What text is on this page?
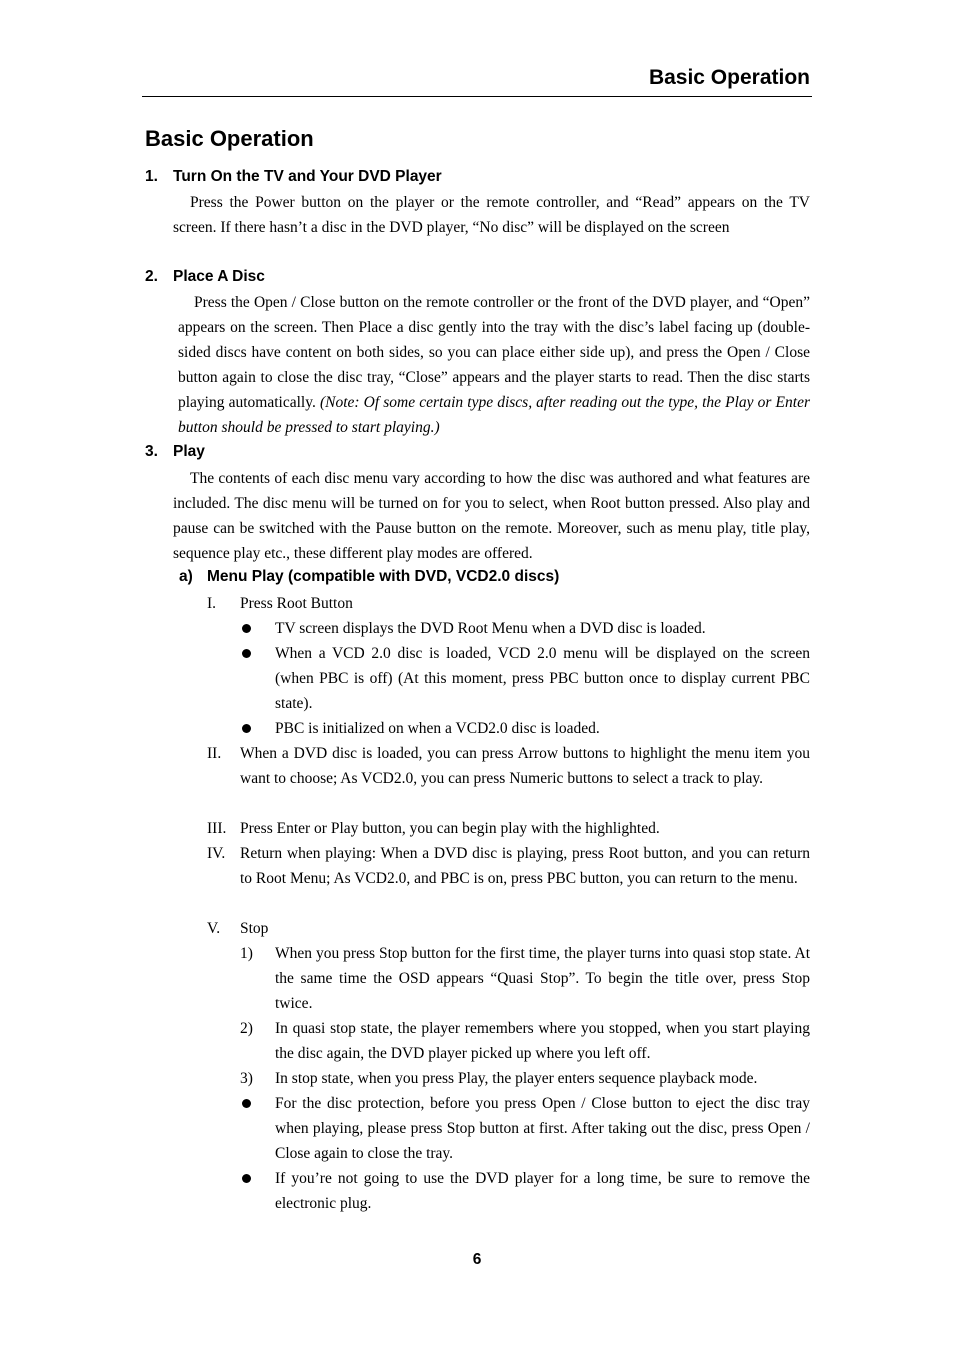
Basic Operation
Basic Operation
1. Turn On the TV and Your DVD Player
Press the Power button on the player or the remote controller, and “Read” appears on the TV screen. If there hasn’t a disc in the DVD player, “No disc” will be displayed on the screen
2. Place A Disc
Press the Open / Close button on the remote controller or the front of the DVD player, and “Open” appears on the screen. Then Place a disc gently into the tray with the disc’s label facing up (double-sided discs have content on both sides, so you can place either side up), and press the Open / Close button again to close the disc tray, “Close” appears and the player starts to read. Then the disc starts playing automatically. (Note: Of some certain type discs, after reading out the type, the Play or Enter button should be pressed to start playing.)
3. Play
The contents of each disc menu vary according to how the disc was authored and what features are included. The disc menu will be turned on for you to select, when Root button pressed. Also play and pause can be switched with the Pause button on the remote. Moreover, such as menu play, title play, sequence play etc., these different play modes are offered.
a) Menu Play (compatible with DVD, VCD2.0 discs)
I. Press Root Button
TV screen displays the DVD Root Menu when a DVD disc is loaded.
When a VCD 2.0 disc is loaded, VCD 2.0 menu will be displayed on the screen (when PBC is off) (At this moment, press PBC button once to display current PBC state).
PBC is initialized on when a VCD2.0 disc is loaded.
II. When a DVD disc is loaded, you can press Arrow buttons to highlight the menu item you want to choose; As VCD2.0, you can press Numeric buttons to select a track to play.
III. Press Enter or Play button, you can begin play with the highlighted.
IV. Return when playing: When a DVD disc is playing, press Root button, and you can return to Root Menu; As VCD2.0, and PBC is on, press PBC button, you can return to the menu.
V. Stop
1) When you press Stop button for the first time, the player turns into quasi stop state. At the same time the OSD appears “Quasi Stop”. To begin the title over, press Stop twice.
2) In quasi stop state, the player remembers where you stopped, when you start playing the disc again, the DVD player picked up where you left off.
3) In stop state, when you press Play, the player enters sequence playback mode.
For the disc protection, before you press Open / Close button to eject the disc tray when playing, please press Stop button at first. After taking out the disc, press Open / Close again to close the tray.
If you’re not going to use the DVD player for a long time, be sure to remove the electronic plug.
6
